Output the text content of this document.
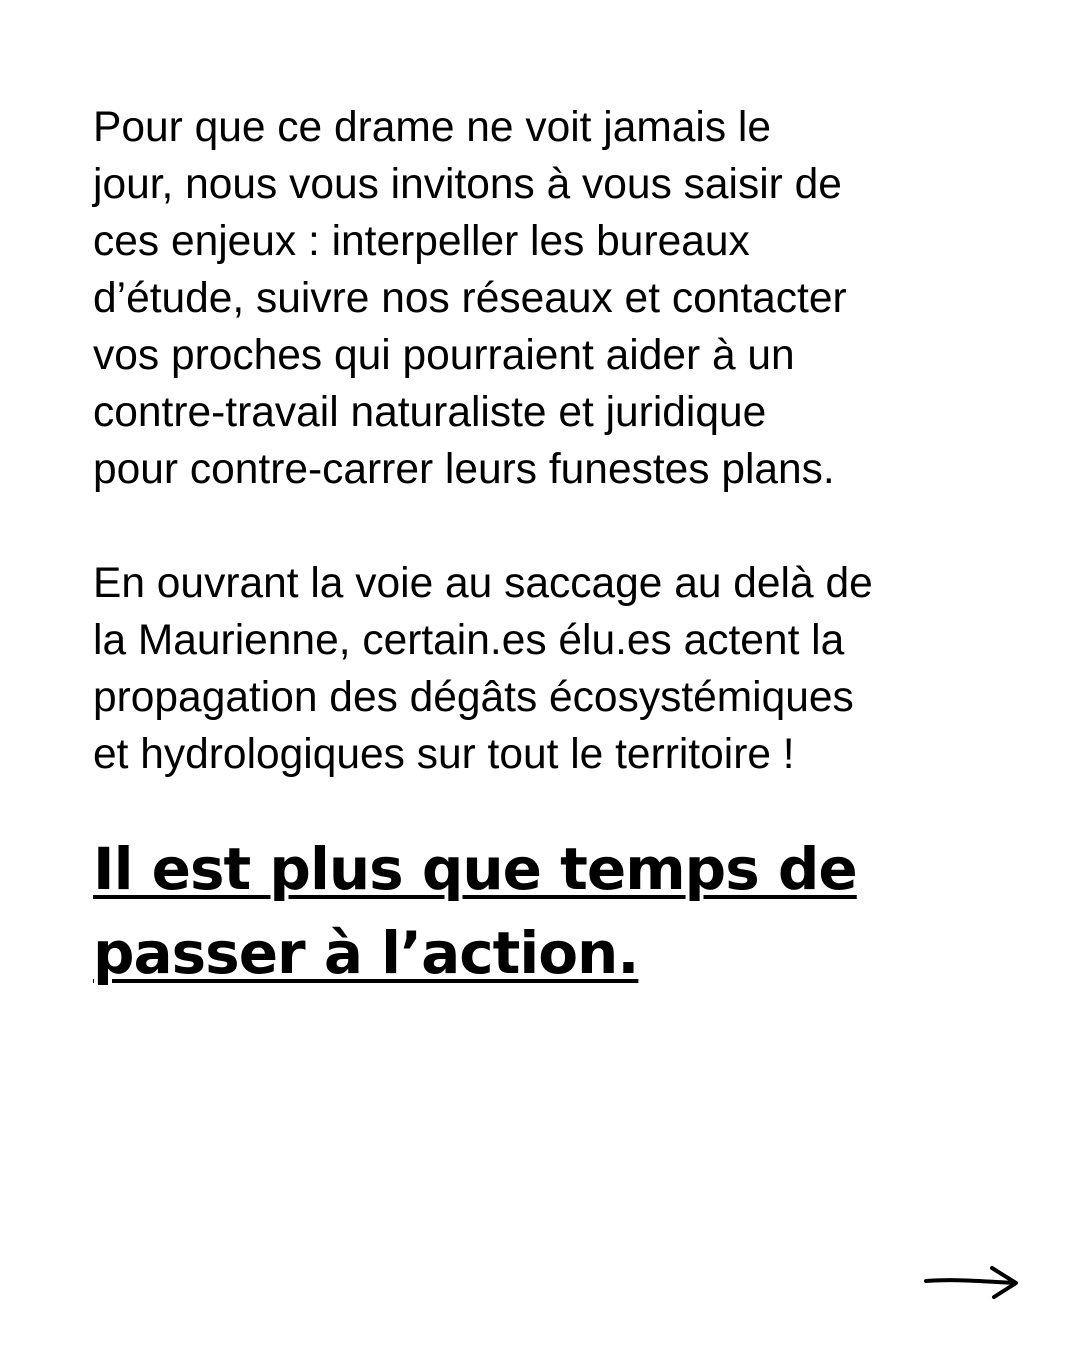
Pour que ce drame ne voit jamais le
jour, nous vous invitons à vous saisir de
ces enjeux : interpeller les bureaux
d’étude, suivre nos réseaux et contacter
vos proches qui pourraient aider à un
contre-travail naturaliste et juridique
pour contre-carrer leurs funestes plans.

En ouvrant la voie au saccage au delà de
la Maurienne, certain.es élu.es actent la
propagation des dégâts écosystémiques
et hydrologiques sur tout le territoire !

Il est plus que temps de
passer à l’action.
